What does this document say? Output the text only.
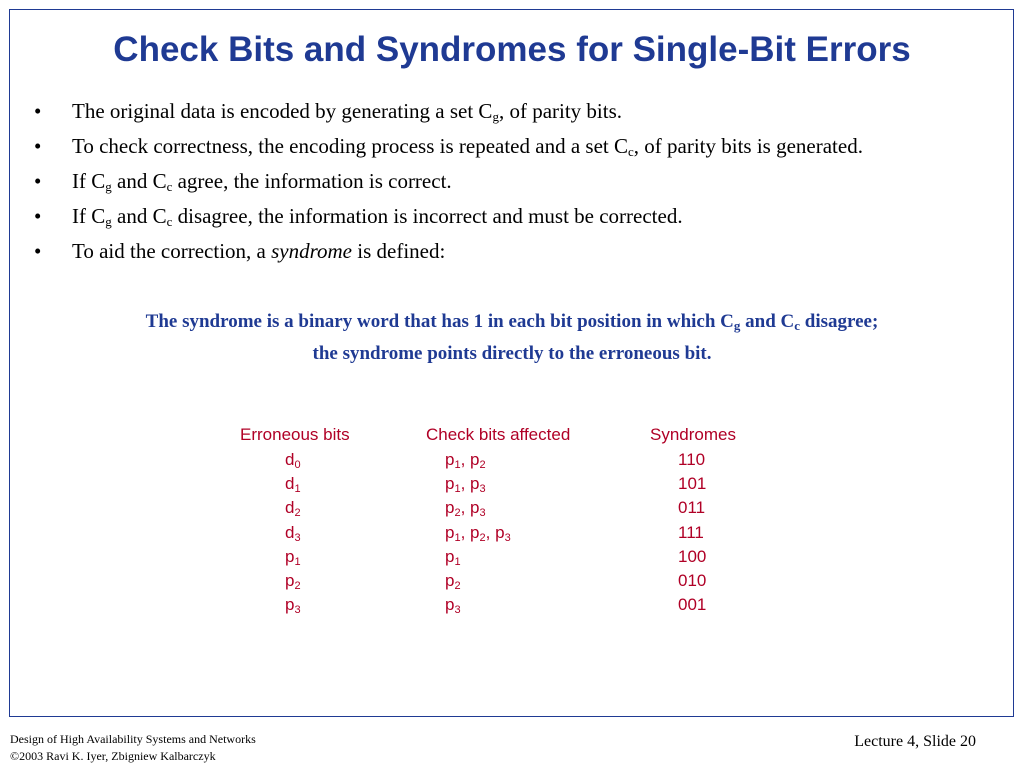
Check Bits and Syndromes for Single-Bit Errors
• The original data is encoded by generating a set $C_g$, of parity bits.
• To check correctness, the encoding process is repeated and a set $C_c$, of parity bits is generated.
• If $C_g$ and $C_c$ agree, the information is correct.
• If $C_g$ and $C_c$ disagree, the information is incorrect and must be corrected.
• To aid the correction, a syndrome is defined:
The syndrome is a binary word that has 1 in each bit position in which $C_g$ and $C_c$ disagree;
the syndrome points directly to the erroneous bit.
Erroneous bits	Check bits affected	Syndromes
$d_0$	$p_1$, $p_2$	110
$d_1$	$p_1$, $p_3$	101
$d_2$	$p_2$, $p_3$	011
$d_3$	$p_1$, $p_2$, $p_3$	111
$p_1$	$p_1$	100
$p_2$	$p_2$	010
$p_3$	$p_3$	001
Design of High Availability Systems and Networks
©2003 Ravi K. Iyer, Zbigniew Kalbarczyk
Lecture 4, Slide 20
